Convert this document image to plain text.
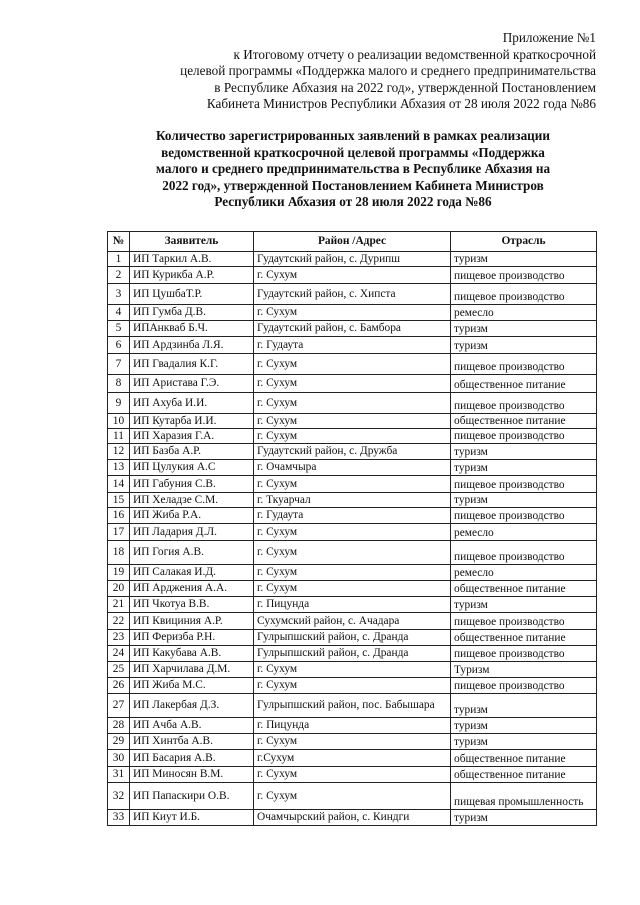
Приложение №1
к Итоговому отчету о реализации ведомственной краткосрочной
целевой программы «Поддержка малого и среднего предпринимательства
в Республике Абхазия на 2022 год», утвержденной Постановлением
Кабинета Министров Республики Абхазия от 28 июля 2022 года №86
Количество зарегистрированных заявлений в рамках реализации
ведомственной краткосрочной целевой программы «Поддержка
малого и среднего предпринимательства в Республике Абхазия на
2022 год», утвержденной Постановлением Кабинета Министров
Республики Абхазия от 28 июля 2022 года №86
№	Заявитель	Район /Адрес	Отрасль
1	ИП Таркил А.В.	Гудаутский район, с. Дурипш	туризм
2	ИП Курикба А.Р.	г. Сухум	пищевое производство
3	ИП ЦушбаТ.Р.	Гудаутский район, с. Хипста	пищевое производство
4	ИП Гумба Д.В.	г. Сухум	ремесло
5	ИПАнкваб Б.Ч.	Гудаутский район, с. Бамбора	туризм
6	ИП Ардзинба Л.Я.	г. Гудаута	туризм
7	ИП Гвадалия К.Г.	г. Сухум	пищевое производство
8	ИП Аристава Г.Э.	г. Сухум	общественное питание
9	ИП Ахуба И.И.	г. Сухум	пищевое производство
10	ИП Кутарба И.И.	г. Сухум	общественное питание
11	ИП Харазия Г.А.	г. Сухум	пищевое производство
12	ИП Базба А.Р.	Гудаутский район, с. Дружба	туризм
13	ИП Цулукия А.С	г. Очамчыра	туризм
14	ИП Габуния С.В.	г. Сухум	пищевое производство
15	ИП Хеладзе С.М.	г. Ткуарчал	туризм
16	ИП Жиба Р.А.	г. Гудаута	пищевое производство
17	ИП Ладария Д.Л.	г. Сухум	ремесло
18	ИП Гогия А.В.	г. Сухум	пищевое производство
19	ИП Салакая И.Д.	г. Сухум	ремесло
20	ИП Арджения А.А.	г. Сухум	общественное питание
21	ИП Чкотуа В.В.	г. Пицунда	туризм
22	ИП Квициния А.Р.	Сухумский район, с. Ачадара	пищевое производство
23	ИП Феризба Р.Н.	Гулрыпшский район, с. Дранда	общественное питание
24	ИП Какубава А.В.	Гулрыпшский район, с. Дранда	пищевое производство
25	ИП Харчилава Д.М.	г. Сухум	Туризм
26	ИП Жиба М.С.	г. Сухум	пищевое производство
27	ИП Лакербая Д.З.	Гулрыпшский район, пос. Бабышара	туризм
28	ИП Ачба А.В.	г. Пицунда	туризм
29	ИП Хинтба А.В.	г. Сухум	туризм
30	ИП Басария А.В.	г.Сухум	общественное питание
31	ИП Миносян В.М.	г. Сухум	общественное питание
32	ИП Папаскири О.В.	г. Сухум	пищевая промышленность
33	ИП Киут И.Б.	Очамчырский район, с. Киндги	туризм
